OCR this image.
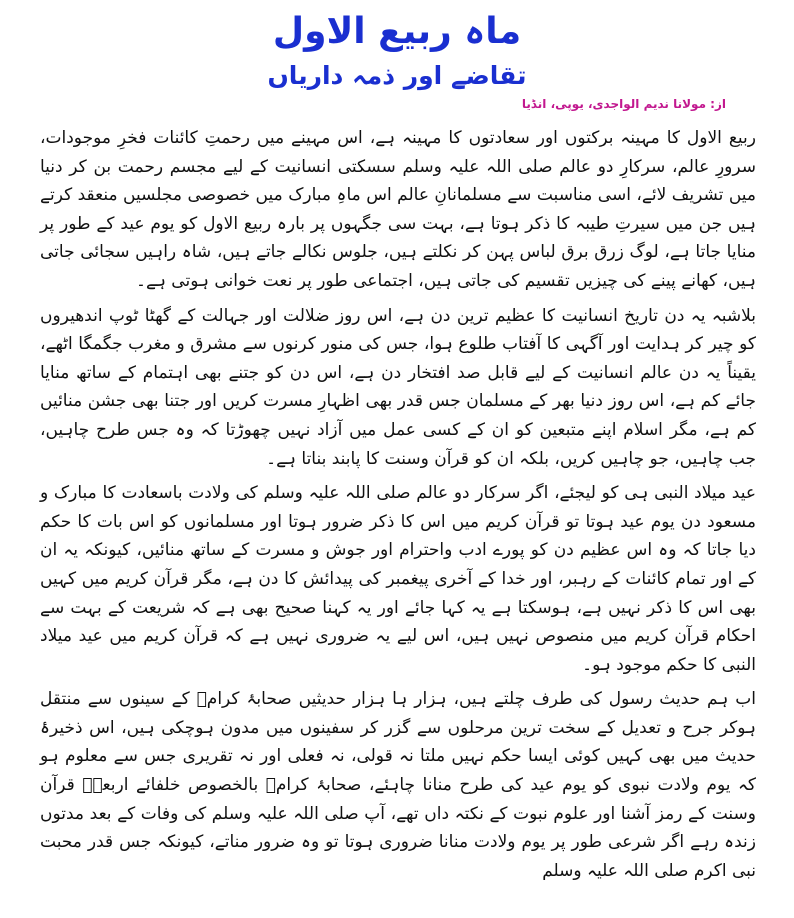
ماہ ربیع الاول
تقاضے اور ذمہ داریاں
از: مولانا ندیم الواجدی، یوپی، انڈیا

ربیع الاول کا مہینہ برکتوں اور سعادتوں کا مہینہ ہے، اس مہینے میں رحمتِ کائنات فخرِ موجودات، سرورِ عالم، سرکارِ دو عالم صلی اللہ علیہ وسلم سسکتی انسانیت کے لیے مجسم رحمت بن کر دنیا میں تشریف لائے، اسی مناسبت سے مسلمانانِ عالم اس ماہِ مبارک میں خصوصی مجلسیں منعقد کرتے ہیں جن میں سیرتِ طیبہ کا ذکر ہوتا ہے، بہت سی جگہوں پر بارہ ربیع الاول کو یوم عید کے طور پر منایا جاتا ہے، لوگ زرق برق لباس پہن کر نکلتے ہیں، جلوس نکالے جاتے ہیں، شاہ راہیں سجائی جاتی ہیں، کھانے پینے کی چیزیں تقسیم کی جاتی ہیں، اجتماعی طور پر نعت خوانی ہوتی ہے۔

بلاشبہ یہ دن تاریخ انسانیت کا عظیم ترین دن ہے، اس روز ضلالت اور جہالت کے گھٹا ٹوپ اندھیروں کو چیر کر ہدایت اور آگہی کا آفتاب طلوع ہوا، جس کی منور کرنوں سے مشرق و مغرب جگمگا اٹھے، یقیناً یہ دن عالم انسانیت کے لیے قابل صد افتخار دن ہے، اس دن کو جتنے بھی اہتمام کے ساتھ منایا جائے کم ہے، اس روز دنیا بھر کے مسلمان جس قدر بھی اظہارِ مسرت کریں اور جتنا بھی جشن منائیں کم ہے، مگر اسلام اپنے متبعین کو ان کے کسی عمل میں آزاد نہیں چھوڑتا کہ وہ جس طرح چاہیں، جب چاہیں، جو چاہیں کریں، بلکہ ان کو قرآن وسنت کا پابند بناتا ہے۔

عید میلاد النبی ہی کو لیجئے، اگر سرکار دو عالم صلی اللہ علیہ وسلم کی ولادت باسعادت کا مبارک و مسعود دن یوم عید ہوتا تو قرآن کریم میں اس کا ذکر ضرور ہوتا اور مسلمانوں کو اس بات کا حکم دیا جاتا کہ وہ اس عظیم دن کو پورے ادب واحترام اور جوش و مسرت کے ساتھ منائیں، کیونکہ یہ ان کے اور تمام کائنات کے رہبر، اور خدا کے آخری پیغمبر کی پیدائش کا دن ہے، مگر قرآن کریم میں کہیں بھی اس کا ذکر نہیں ہے، ہوسکتا ہے یہ کہا جائے اور یہ کہنا صحیح بھی ہے کہ شریعت کے بہت سے احکام قرآن کریم میں منصوص نہیں ہیں، اس لیے یہ ضروری نہیں ہے کہ قرآن کریم میں عید میلاد النبی کا حکم موجود ہو۔

اب ہم حدیث رسول کی طرف چلتے ہیں، ہزار ہا ہزار حدیثیں صحابۂ کرامؓ کے سینوں سے منتقل ہوکر جرح و تعدیل کے سخت ترین مرحلوں سے گزر کر سفینوں میں مدون ہوچکی ہیں، اس ذخیرۂ حدیث میں بھی کہیں کوئی ایسا حکم نہیں ملتا نہ قولی، نہ فعلی اور نہ تقریری جس سے معلوم ہو کہ یوم ولادت نبوی کو یوم عید کی طرح منانا چاہئے، صحابۂ کرامؓ بالخصوص خلفائے اربعہؓ قرآن وسنت کے رمز آشنا اور علوم نبوت کے نکتہ داں تھے، آپ صلی اللہ علیہ وسلم کی وفات کے بعد مدتوں زندہ رہے اگر شرعی طور پر یوم ولادت منانا ضروری ہوتا تو وہ ضرور مناتے، کیونکہ جس قدر محبت نبی اکرم صلی اللہ علیہ وسلم
